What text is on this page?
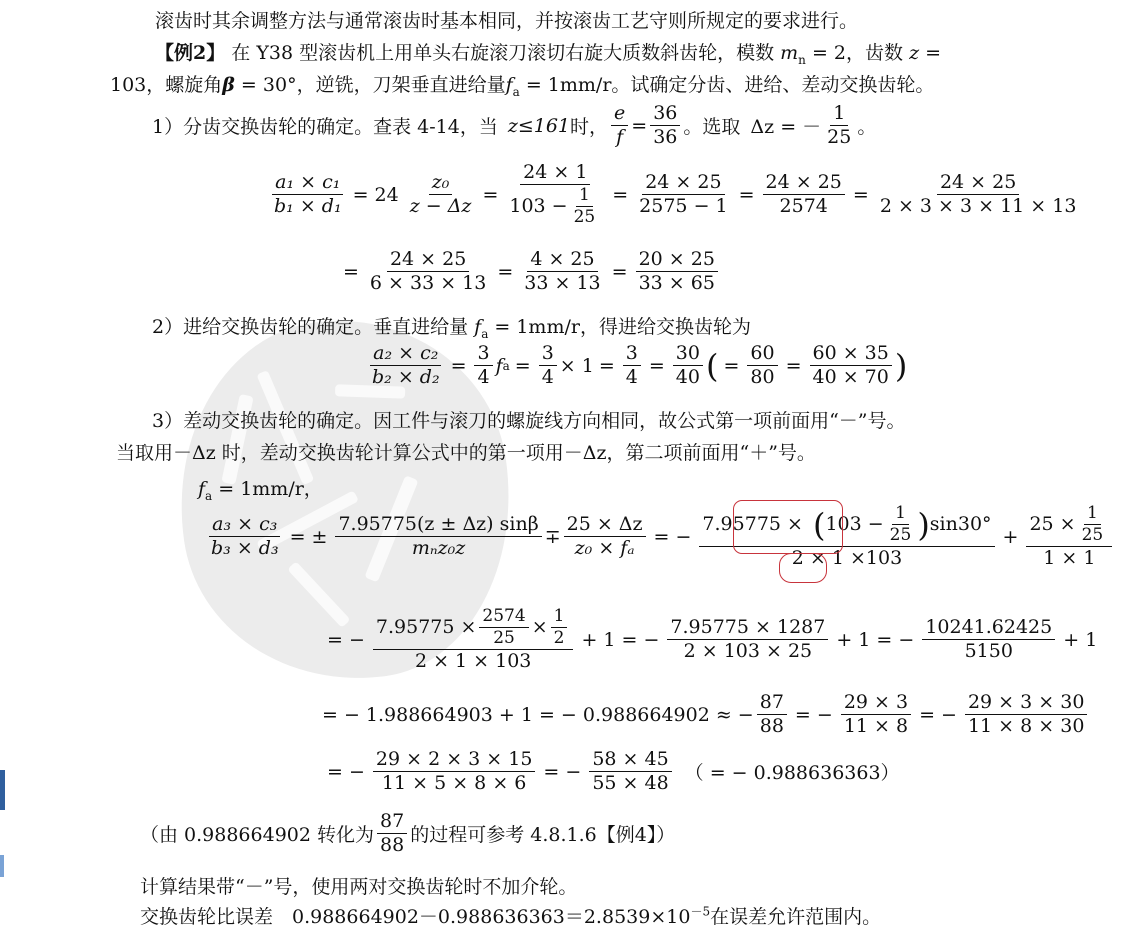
滚齿时其余调整方法与通常滚齿时基本相同，并按滚齿工艺守则所规定的要求进行。
【例2】 在 Y38 型滚齿机上用单头右旋滚刀滚切右旋大质数斜齿轮，模数 $m_n = 2$，齿数 z =
103，螺旋角β = 30°，逆铣，刀架垂直进给量$f_a = 1mm/r$。试确定分齿、进给、差动交换齿轮。
1）分齿交换齿轮的确定。查表 4-14，当 z≤161 时， $\frac{e}{f} = \frac{36}{36}$ 。选取 Δz = － $\frac{1}{25}$ 。
$\frac{\text{a₁ × c₁}}{\text{b₁ × d₁}} = 24 \frac{\text{z₀}}{z - \Delta z} = \frac{24 \times 1}{103 - \frac{1}{25}} = \frac{24 \times 25}{2575 - 1} = \frac{24 \times 25}{2574} = \frac{24 \times 25}{2 \times 3 \times 3 \times 11 \times 13}$
= $\frac{24 \times 25}{6 \times 33 \times 13} = \frac{4 \times 25}{33 \times 13} = \frac{20 \times 25}{33 \times 65}$
2）进给交换齿轮的确定。垂直进给量 $f_a = 1mm/r$，得进给交换齿轮为
$\frac{\text{a₂ × c₂}}{\text{b₂ × d₂}} = \frac{3}{4}$ f $a = \frac{3}{4} \times 1 = \frac{3}{4} = \frac{30}{40}$ ( = $\frac{60}{80} = \frac{60 \times 35}{40 \times 70}$ )
3）差动交换齿轮的确定。因工件与滚刀的螺旋线方向相同，故公式第一项前面用“－”号。
当取用－Δz 时，差动交换齿轮计算公式中的第一项用－Δz，第二项前面用“＋”号。
$f_a = 1mm/r$，
$\frac{\text{a₃ × c₃}}{\text{b₃ × d₃}}$ = ± $\frac{7.95775(z \pm \Delta z) \sin\beta}{\text{mₙz₀z}} \mp \frac{25 \times \Delta z}{\text{z₀ × fₐ}}$ = − $\frac{7.95775 \times ( 103 - \frac{1}{25} ) \sin 30^\circ}{2 \times 1 \times 103} + \frac{25 \times \frac{1}{25}}{1 \times 1}$
= − $\frac{7.95775 \times \frac{2574}{25} \times \frac{1}{2}}{2 \times 1 \times 103} + 1$ = − $\frac{7.95775 \times 1287}{2 \times 103 \times 25} + 1$ = − $\frac{10241.62425}{5150} + 1$
= − 1.988664903 + 1 = − 0.988664902 ≈ − $\frac{87}{88}$ = − $\frac{29 \times 3}{11 \times 8}$ = − $\frac{29 \times 3 \times 30}{11 \times 8 \times 30}$
= − $\frac{29 \times 2 \times 3 \times 15}{11 \times 5 \times 8 \times 6}$ = − $\frac{58 \times 45}{55 \times 48}$ （ = − 0.988636363）
（由 0.988664902 转化为 $\frac{87}{88}$ 的过程可参考 4.8.1.6【例4】）
计算结果带“－”号，使用两对交换齿轮时不加介轮。
交换齿轮比误差　$0.988664902-0.988636363=2.8539\times 10^{-5}$在误差允许范围内。
